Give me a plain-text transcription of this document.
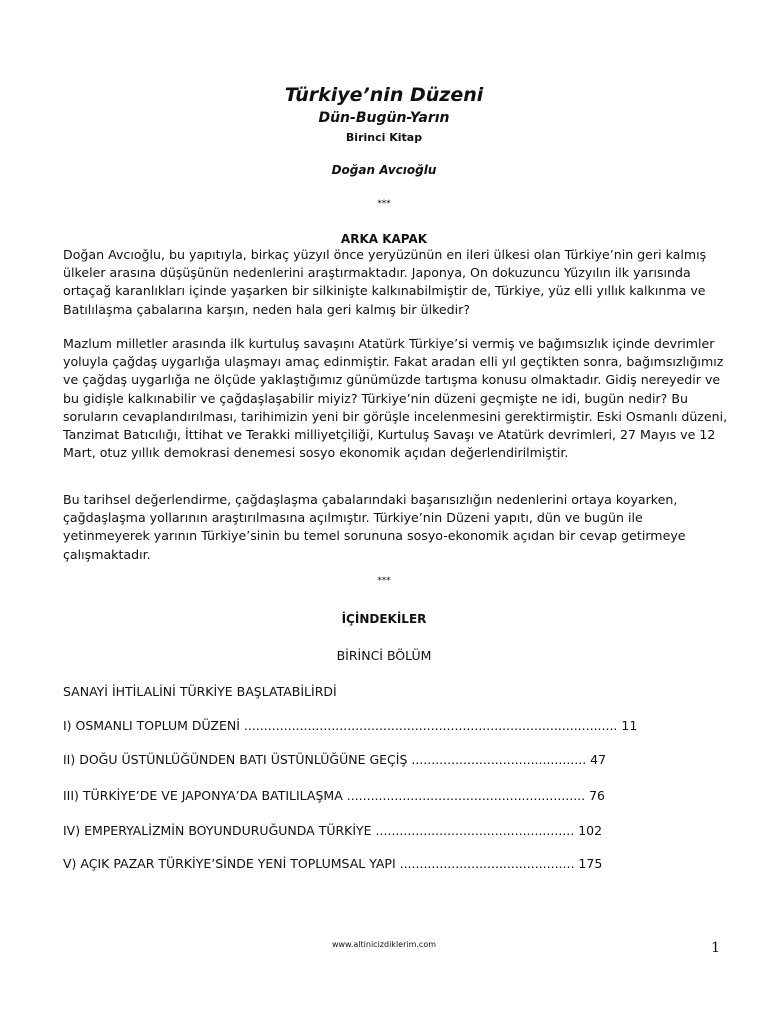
Türkiye’nin Düzeni
Dün-Bugün-Yarın
Birinci Kitap
Doğan Avcıoğlu
***
ARKA KAPAK

Doğan Avcıoğlu, bu yapıtıyla, birkaç yüzyıl önce yeryüzünün en ileri ülkesi olan Türkiye’nin geri kalmış ülkeler arasına düşüşünün nedenlerini araştırmaktadır. Japonya, On dokuzuncu Yüzyılın ilk yarısında ortaçağ karanlıkları içinde yaşarken bir silkinişte kalkınabilmiştir de, Türkiye, yüz elli yıllık kalkınma ve Batılılaşma çabalarına karşın, neden hala geri kalmış bir ülkedir?

Mazlum milletler arasında ilk kurtuluş savaşını Atatürk Türkiye’si vermiş ve bağımsızlık içinde devrimler yoluyla çağdaş uygarlığa ulaşmayı amaç edinmiştir. Fakat aradan elli yıl geçtikten sonra, bağımsızlığımız ve çağdaş uygarlığa ne ölçüde yaklaştığımız günümüzde tartışma konusu olmaktadır. Gidiş nereyedir ve bu gidişle kalkınabilir ve çağdaşlaşabilir miyiz? Türkiye’nin düzeni geçmişte ne idi, bugün nedir? Bu soruların cevaplandırılması, tarihimizin yeni bir görüşle incelenmesini gerektirmiştir. Eski Osmanlı düzeni, Tanzimat Batıcılığı, İttihat ve Terakki milliyetçiliği, Kurtuluş Savaşı ve Atatürk devrimleri, 27 Mayıs ve 12 Mart, otuz yıllık demokrasi denemesi sosyo ekonomik açıdan değerlendirilmiştir.

Bu tarihsel değerlendirme, çağdaşlaşma çabalarındaki başarısızlığın nedenlerini ortaya koyarken, çağdaşlaşma yollarının araştırılmasına açılmıştır. Türkiye’nin Düzeni yapıtı, dün ve bugün ile yetinmeyerek yarının Türkiye’sinin bu temel sorununa sosyo-ekonomik açıdan bir cevap getirmeye çalışmaktadır.

***
İÇİNDEKİLER
BİRİNCİ BÖLÜM
SANAYİ İHTİLALİNİ TÜRKİYE BAŞLATABİLİRDİ
I) OSMANLI TOPLUM DÜZENİ .............................................................................................. 11
II) DOĞU ÜSTÜNLÜĞÜNDEN BATI ÜSTÜNLÜĞÜNE GEÇİŞ ............................................ 47
III) TÜRKİYE’DE VE JAPONYA’DA BATILILAŞMA ............................................................ 76
IV) EMPERYALİZMİN BOYUNDURUĞUNDA TÜRKİYE .................................................. 102
V) AÇIK PAZAR TÜRKİYE’SİNDE YENİ TOPLUMSAL YAPI ............................................ 175
www.altinicizdiklerim.com	1
